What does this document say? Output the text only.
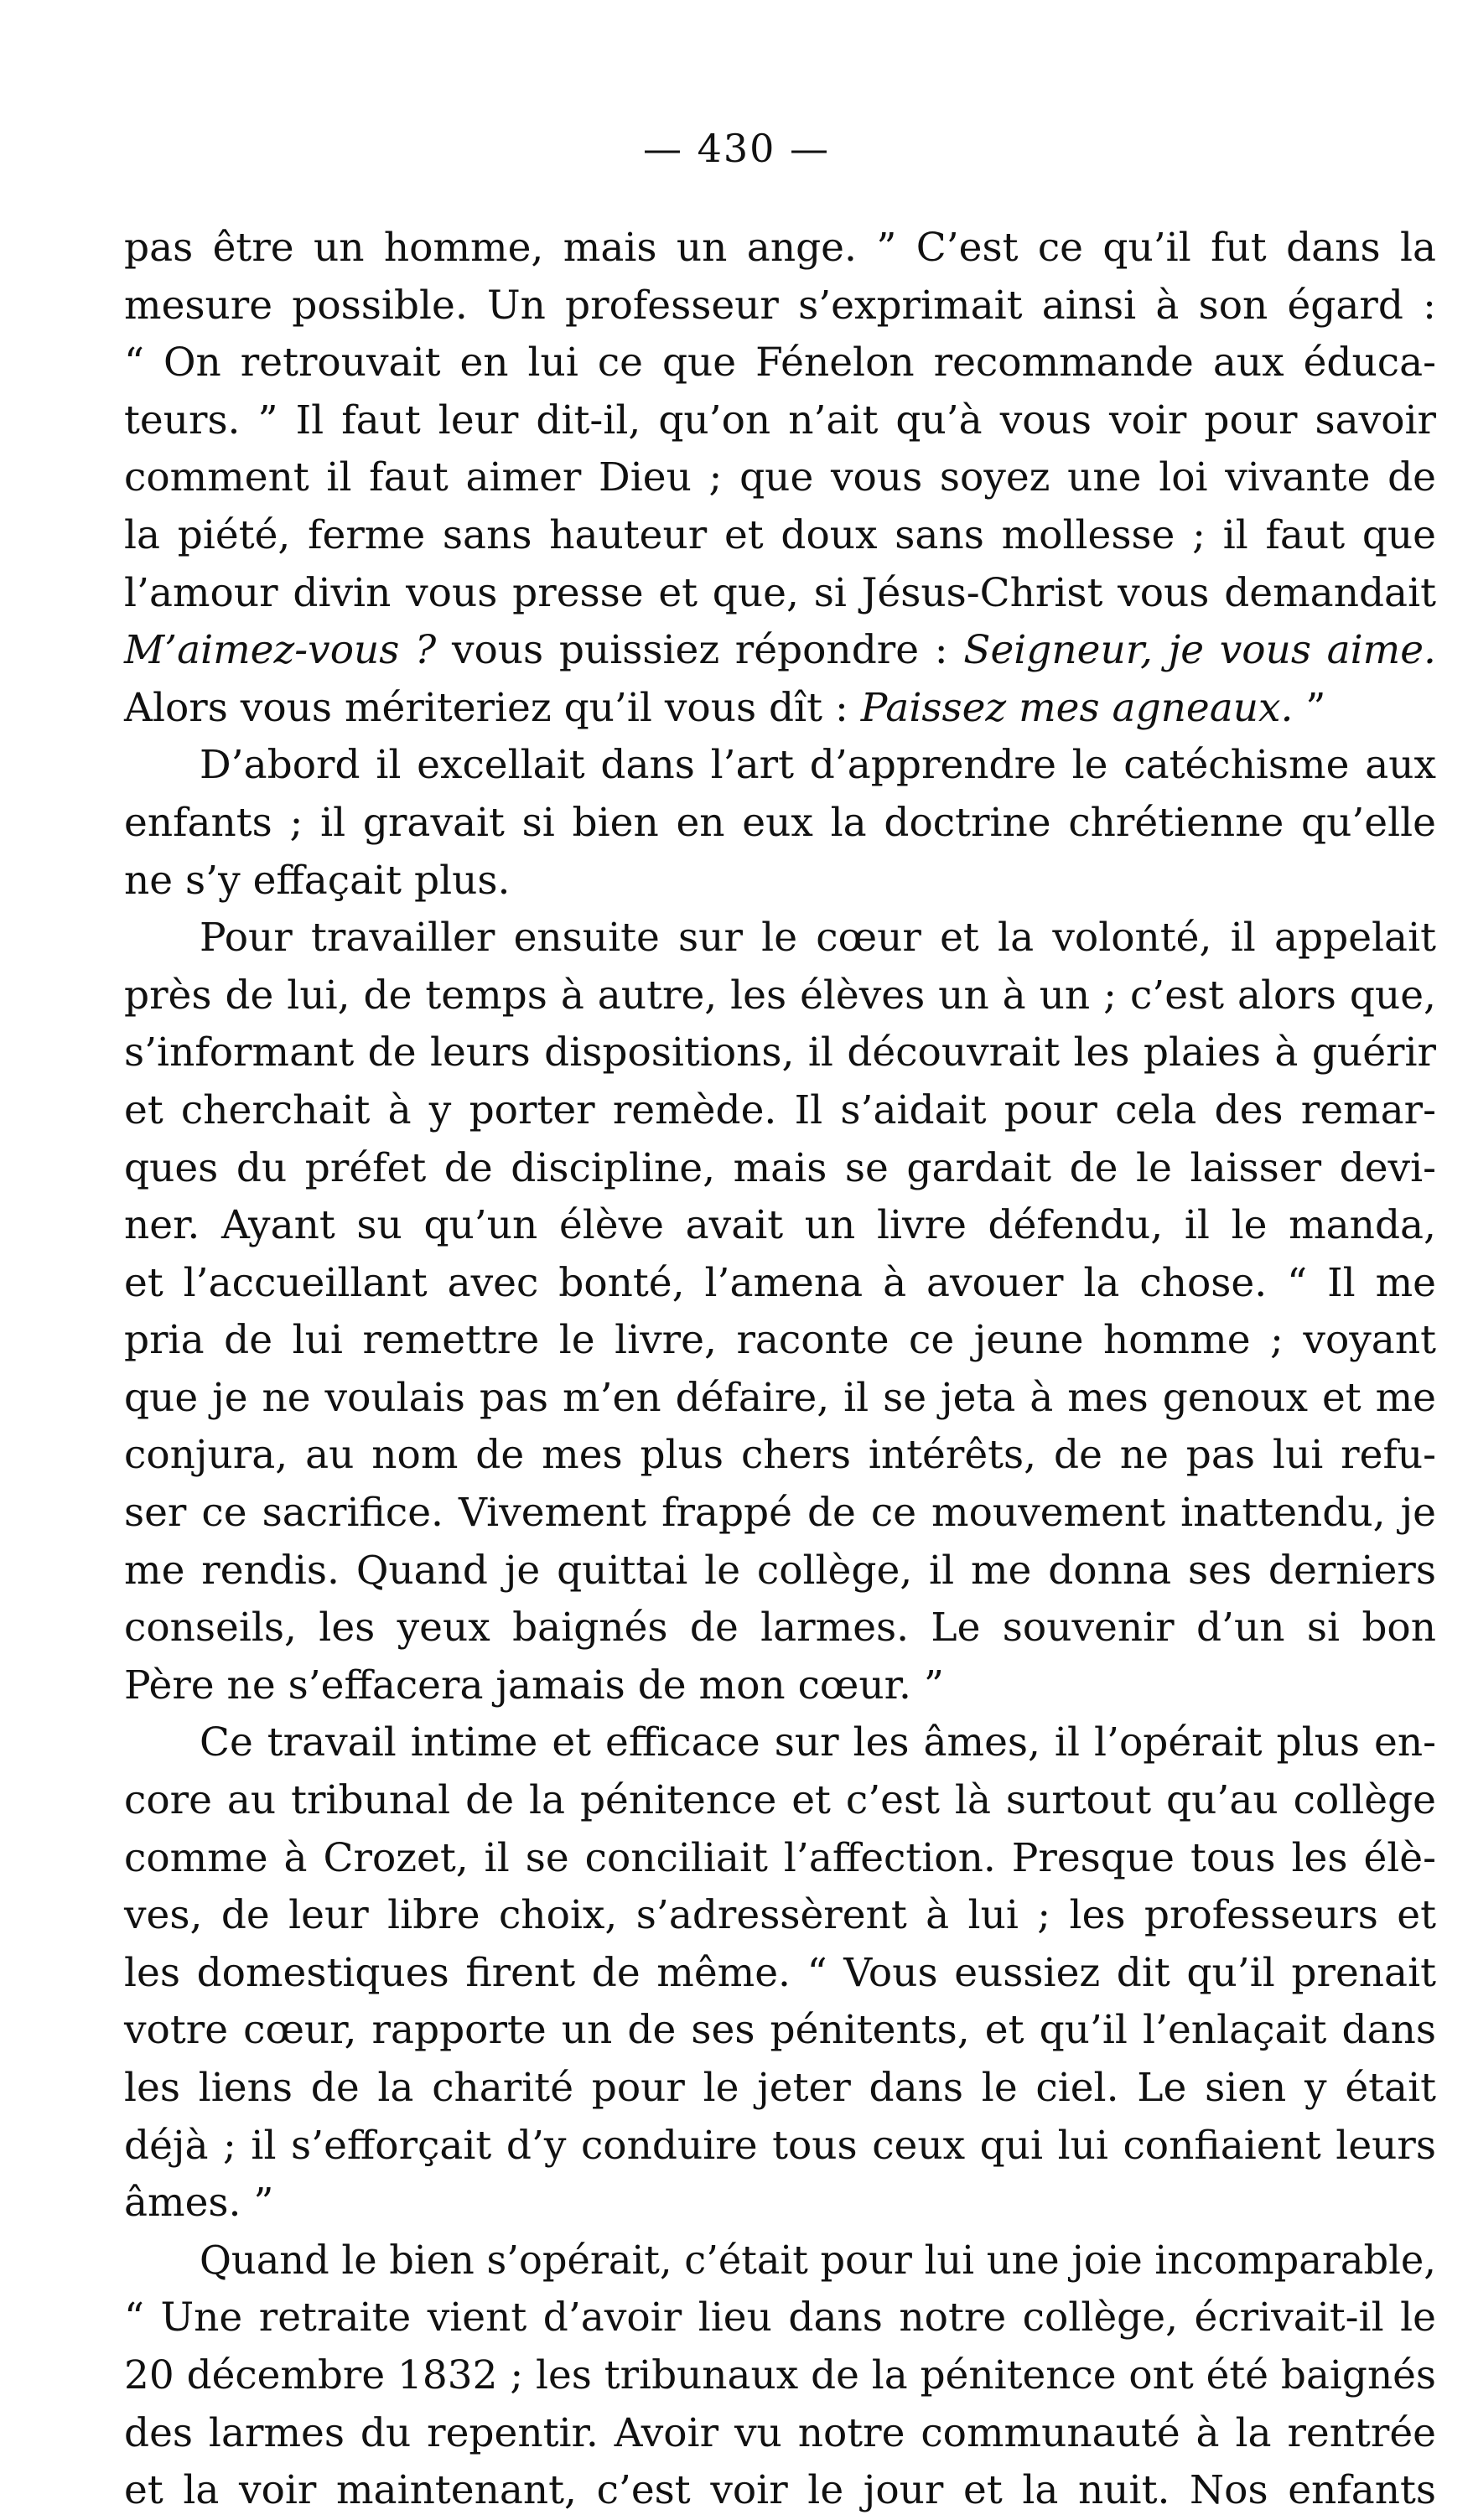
— 430 —
pas être un homme, mais un ange. ” C’est ce qu’il fut dans la
mesure possible. Un professeur s’exprimait ainsi à son égard :
“ On retrouvait en lui ce que Fénelon recommande aux éduca-
teurs. ” Il faut leur dit-il, qu’on n’ait qu’à vous voir pour savoir
comment il faut aimer Dieu ; que vous soyez une loi vivante de
la piété, ferme sans hauteur et doux sans mollesse ; il faut que
l’amour divin vous presse et que, si Jésus-Christ vous demandait
M’aimez-vous ? vous puissiez répondre : Seigneur, je vous aime.
Alors vous mériteriez qu’il vous dît : Paissez mes agneaux. ”
D’abord il excellait dans l’art d’apprendre le catéchisme aux
enfants ; il gravait si bien en eux la doctrine chrétienne qu’elle
ne s’y effaçait plus.
Pour travailler ensuite sur le cœur et la volonté, il appelait
près de lui, de temps à autre, les élèves un à un ; c’est alors que,
s’informant de leurs dispositions, il découvrait les plaies à guérir
et cherchait à y porter remède. Il s’aidait pour cela des remar-
ques du préfet de discipline, mais se gardait de le laisser devi-
ner. Ayant su qu’un élève avait un livre défendu, il le manda,
et l’accueillant avec bonté, l’amena à avouer la chose. “ Il me
pria de lui remettre le livre, raconte ce jeune homme ; voyant
que je ne voulais pas m’en défaire, il se jeta à mes genoux et me
conjura, au nom de mes plus chers intérêts, de ne pas lui refu-
ser ce sacrifice. Vivement frappé de ce mouvement inattendu, je
me rendis. Quand je quittai le collège, il me donna ses derniers
conseils, les yeux baignés de larmes. Le souvenir d’un si bon
Père ne s’effacera jamais de mon cœur. ”
Ce travail intime et efficace sur les âmes, il l’opérait plus en-
core au tribunal de la pénitence et c’est là surtout qu’au collège
comme à Crozet, il se conciliait l’affection. Presque tous les élè-
ves, de leur libre choix, s’adressèrent à lui ; les professeurs et
les domestiques firent de même. “ Vous eussiez dit qu’il prenait
votre cœur, rapporte un de ses pénitents, et qu’il l’enlaçait dans
les liens de la charité pour le jeter dans le ciel. Le sien y était
déjà ; il s’efforçait d’y conduire tous ceux qui lui confiaient leurs
âmes. ”
Quand le bien s’opérait, c’était pour lui une joie incomparable,
“ Une retraite vient d’avoir lieu dans notre collège, écrivait-il le
20 décembre 1832 ; les tribunaux de la pénitence ont été baignés
des larmes du repentir. Avoir vu notre communauté à la rentrée
et la voir maintenant, c’est voir le jour et la nuit. Nos enfants
